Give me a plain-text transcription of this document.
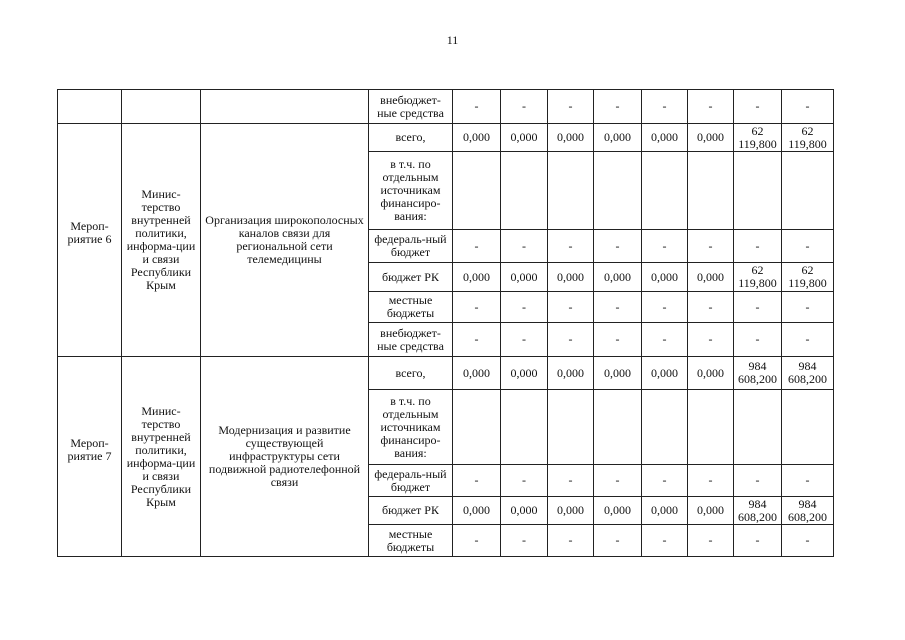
11
			внебюджет-ные средства	-	-	-	-	-	-	-	-
Мероп-риятие 6	Минис-терство внутренней политики, информа-ции и связи Республики Крым	Организация широкополосных каналов связи для региональной сети телемедицины	всего,	0,000	0,000	0,000	0,000	0,000	0,000	62 119,800	62 119,800
			в т.ч. по отдельным источникам финансиро-вания:								
			федераль-ный бюджет	-	-	-	-	-	-	-	-
			бюджет РК	0,000	0,000	0,000	0,000	0,000	0,000	62 119,800	62 119,800
			местные бюджеты	-	-	-	-	-	-	-	-
			внебюджет-ные средства	-	-	-	-	-	-	-	-
Мероп-риятие 7	Минис-терство внутренней политики, информа-ции и связи Республики Крым	Модернизация и развитие существующей инфраструктуры сети подвижной радиотелефонной связи	всего,	0,000	0,000	0,000	0,000	0,000	0,000	984 608,200	984 608,200
			в т.ч. по отдельным источникам финансиро-вания:								
			федераль-ный бюджет	-	-	-	-	-	-	-	-
			бюджет РК	0,000	0,000	0,000	0,000	0,000	0,000	984 608,200	984 608,200
			местные бюджеты	-	-	-	-	-	-	-	-
